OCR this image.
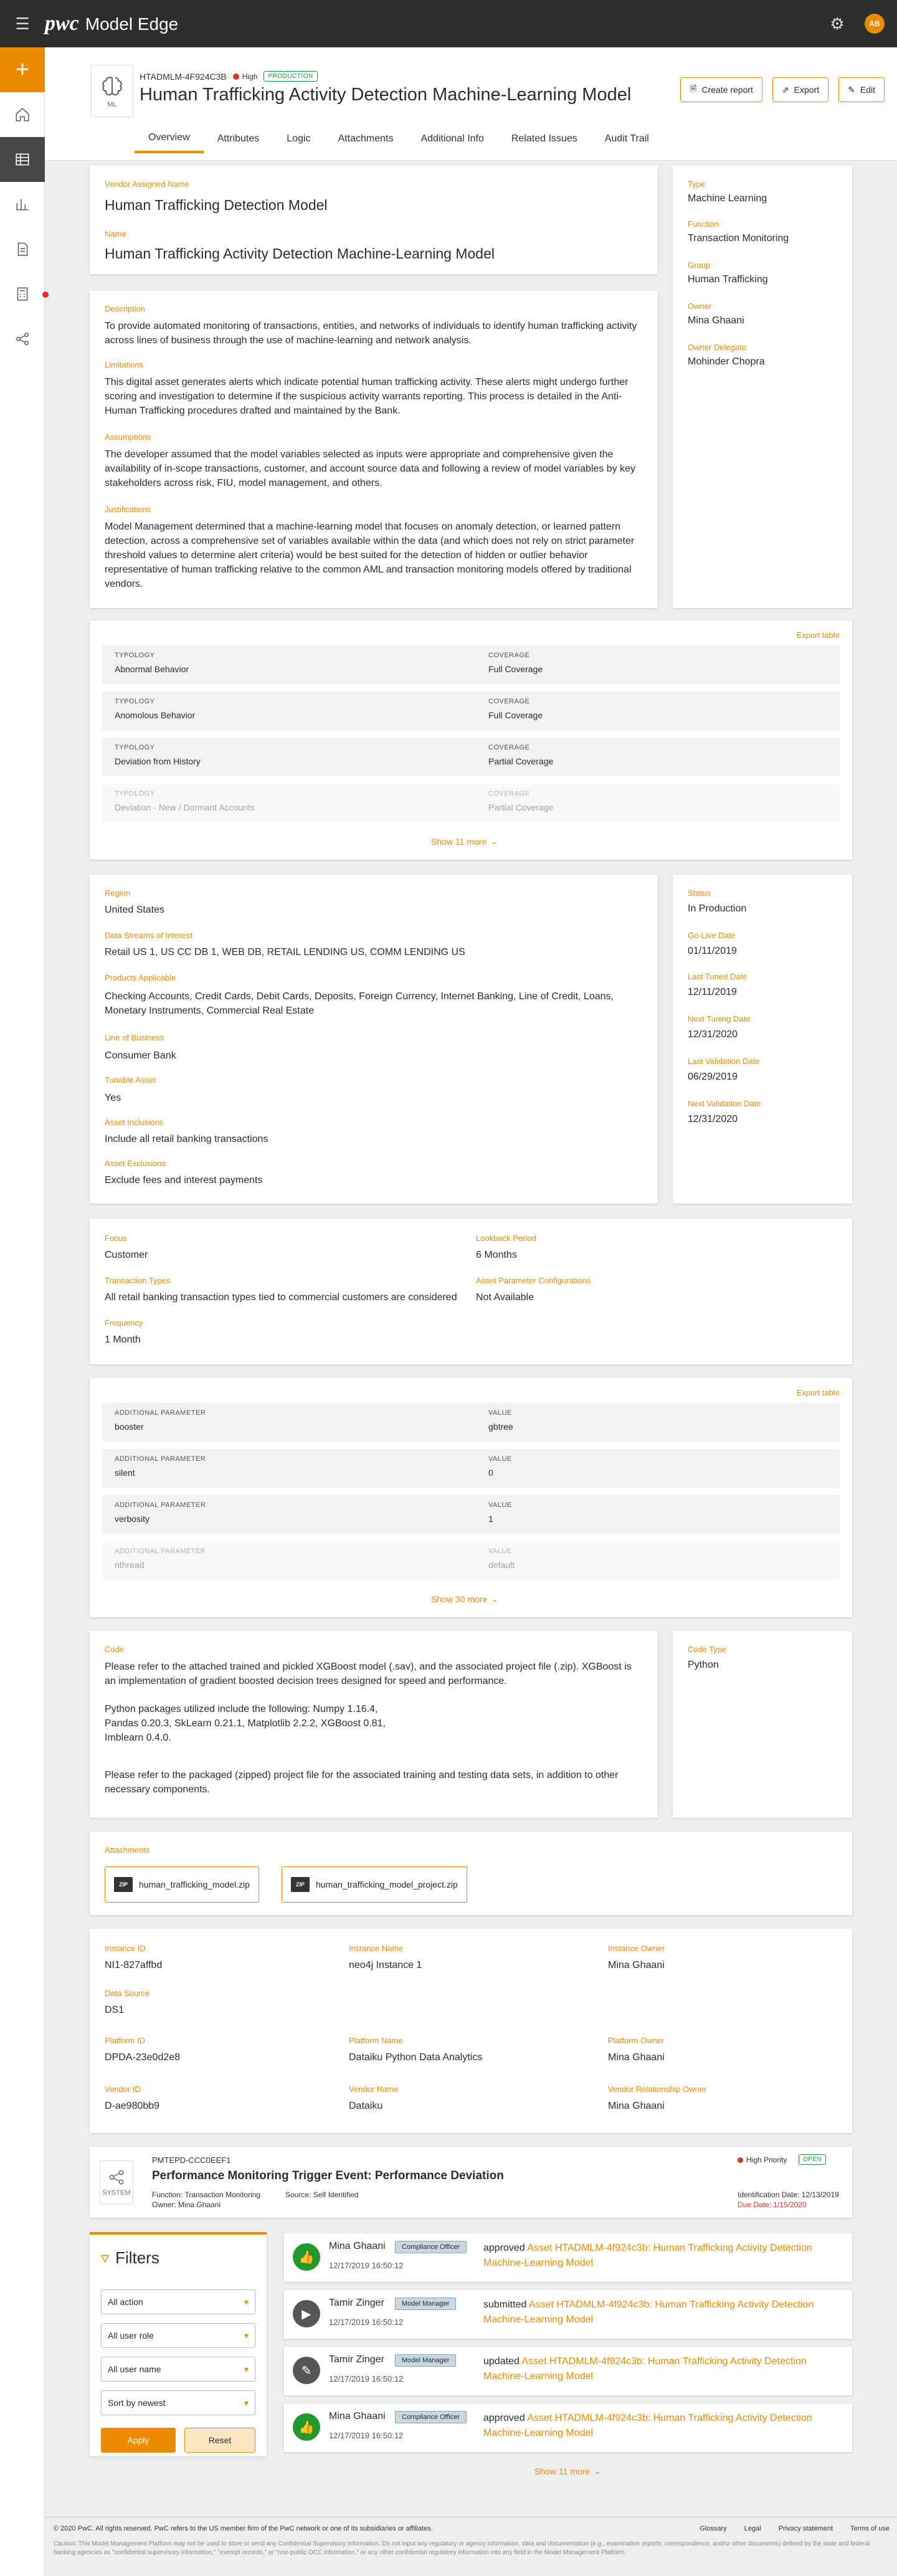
☰ pwc Model Edge	⚙	AB
+
ML
HTADMLM-4F924C3B High	PRODUCTION
Human Trafficking Activity Detection Machine-Learning Model	🗎 Create report	⇗ Export	✎ Edit
Overview	Attributes	Logic	Attachments	Additional Info	Related Issues	Audit Trail
Vendor Assigned Name
Human Trafficking Detection Model
Name
Human Trafficking Activity Detection Machine-Learning Model
Type
Machine Learning
Function
Transaction Monitoring
Group
Human Trafficking
Owner
Mina Ghaani
Owner Delegate
Mohinder Chopra
Description
To provide automated monitoring of transactions, entities, and networks of individuals to identify human trafficking activity across lines of business through the use of machine-learning and network analysis.
Limitations
This digital asset generates alerts which indicate potential human trafficking activity. These alerts might undergo further scoring and investigation to determine if the suspicious activity warrants reporting. This process is detailed in the Anti-Human Trafficking procedures drafted and maintained by the Bank.
Assumptions
The developer assumed that the model variables selected as inputs were appropriate and comprehensive given the availability of in-scope transactions, customer, and account source data and following a review of model variables by key stakeholders across risk, FIU, model management, and others.
Justifications
Model Management determined that a machine-learning model that focuses on anomaly detection, or learned pattern detection, across a comprehensive set of variables available within the data (and which does not rely on strict parameter threshold values to determine alert criteria) would be best suited for the detection of hidden or outlier behavior representative of human trafficking relative to the common AML and transaction monitoring models offered by traditional vendors.
Export table
TYPOLOGY	COVERAGE
Abnormal Behavior	Full Coverage
TYPOLOGY	COVERAGE
Anomolous Behavior	Full Coverage
TYPOLOGY	COVERAGE
Deviation from History	Partial Coverage
TYPOLOGY	COVERAGE
Deviation - New / Dormant Accounts	Partial Coverage
Show 11 more ⌄
Region
United States
Data Streams of Interest
Retail US 1, US CC DB 1, WEB DB, RETAIL LENDING US, COMM LENDING US
Products Applicable
Checking Accounts, Credit Cards, Debit Cards, Deposits, Foreign Currency, Internet Banking, Line of Credit, Loans, Monetary Instruments, Commercial Real Estate
Line of Business
Consumer Bank
Tunable Asset
Yes
Asset Inclusions
Include all retail banking transactions
Asset Exclusions
Exclude fees and interest payments
Status
In Production
Go-Live Date
01/11/2019
Last Tuned Date
12/11/2019
Next Tuning Date
12/31/2020
Last Validation Date
06/29/2019
Next Validation Date
12/31/2020
Focus
Customer
Lookback Period
6 Months
Transaction Types
All retail banking transaction types tied to commercial customers are considered
Asset Parameter Configurations
Not Available
Frequency
1 Month
Export table
ADDITIONAL PARAMETER	VALUE
booster	gbtree
ADDITIONAL PARAMETER	VALUE
silent	0
ADDITIONAL PARAMETER	VALUE
verbosity	1
ADDITIONAL PARAMETER	VALUE
nthread	default
Show 30 more ⌄
Code
Please refer to the attached trained and pickled XGBoost model (.sav), and the associated project file (.zip). XGBoost is an implementation of gradient boosted decision trees designed for speed and performance.
Python packages utilized include the following: Numpy 1.16.4, Pandas 0.20.3, SkLearn 0.21.1, Matplotlib 2.2.2, XGBoost 0.81, Imblearn 0.4.0.
Please refer to the packaged (zipped) project file for the associated training and testing data sets, in addition to other necessary components.
Code Type
Python
Attachments
ZIP	human_trafficking_model.zip	ZIP	human_trafficking_model_project.zip
Instance ID
NI1-827affbd
Instance Name
neo4j Instance 1
Instance Owner
Mina Ghaani
Data Source
DS1
Platform ID
DPDA-23e0d2e8
Platform Name
Dataiku Python Data Analytics
Platform Owner
Mina Ghaani
Vendor ID
D-ae980bb9
Vendor Name
Dataiku
Vendor Relationship Owner
Mina Ghaani
SYSTEM
PMTEPD-CCC0EEF1
Performance Monitoring Trigger Event: Performance Deviation
Function: Transaction Monitoring
Owner: Mina Ghaani
Source: Self Identified
High Priority	OPEN
Identification Date: 12/13/2019
Due Date: 1/15/2020
▿ Filters
All action	▾
All user role	▾
All user name	▾
Sort by newest	▾
Apply	Reset
👍
Mina Ghaani	Compliance Officer
12/17/2019 16:50:12
approved Asset HTADMLM-4f924c3b: Human Trafficking Activity Detection Machine-Learning Model
▶
Tamir Zinger	Model Manager
12/17/2019 16:50:12
submitted Asset HTADMLM-4f924c3b: Human Trafficking Activity Detection Machine-Learning Model
✎
Tamir Zinger	Model Manager
12/17/2019 16:50:12
updated Asset HTADMLM-4f924c3b: Human Trafficking Activity Detection Machine-Learning Model
👍
Mina Ghaani	Compliance Officer
12/17/2019 16:50:12
approved Asset HTADMLM-4f924c3b: Human Trafficking Activity Detection Machine-Learning Model
Show 11 more ⌄
© 2020 PwC. All rights reserved. PwC refers to the US member firm of the PwC network or one of its subsidiaries or affiliates.	Glossary	Legal	Privacy statement	Terms of use
Caution: This Model Management Platform may not be used to store or send any Confidential Supervisory Information. Do not input any regulatory or agency information, data and documentation (e.g., examination reports, correspondence, and/or other documents) defined by the state and federal banking agencies as "confidential supervisory information," "exempt records," or "non-public OCC information," or any other confidential regulatory information into any field in the Model Management Platform.
